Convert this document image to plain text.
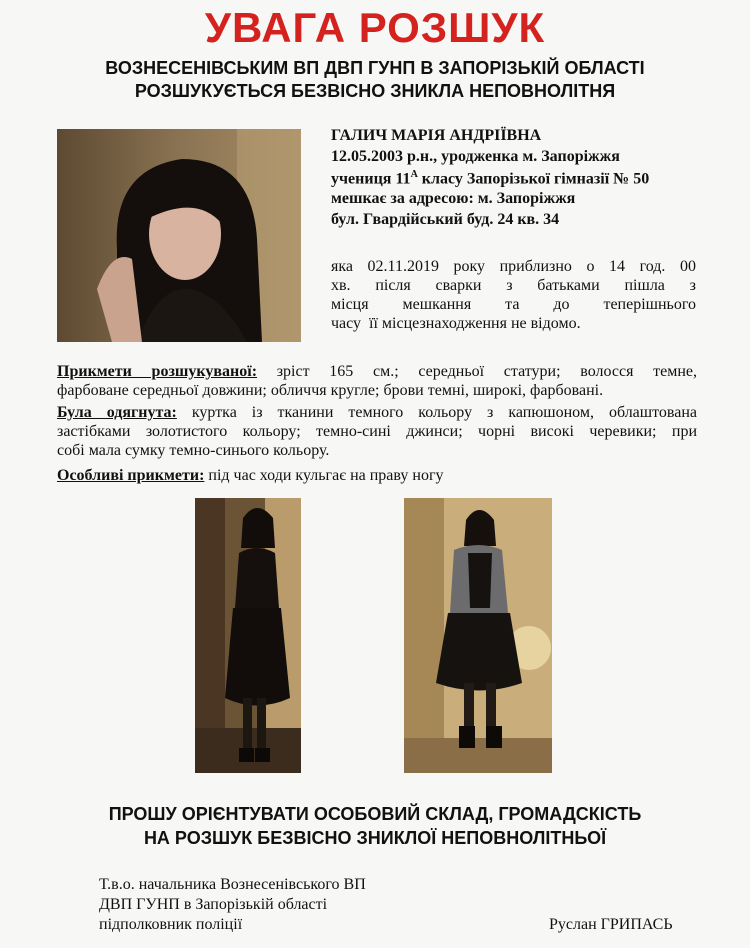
УВАГА РОЗШУК
ВОЗНЕСЕНІВСЬКИМ ВП ДВП ГУНП В ЗАПОРІЗЬКІЙ ОБЛАСТІ
РОЗШУКУЄТЬСЯ БЕЗВІСНО ЗНИКЛА НЕПОВНОЛІТНЯ
ГАЛИЧ МАРІЯ АНДРІЇВНА
12.05.2003 р.н., уродженка м. Запоріжжя
учениця $11^А$ класу Запорізької гімназії № 50
мешкає за адресою: м. Запоріжжя
бул. Гвардійський буд. 24 кв. 34
яка 02.11.2019 року приблизно о 14 год. 00
хв. після сварки з батьками пішла з
місця мешкання та до теперішнього
часу  її місцезнаходження не відомо.
Прикмети розшукуваної: зріст 165 см.; середньої статури; волосся темне,
фарбоване середньої довжини; обличчя кругле; брови темні, широкі, фарбовані.
Була одягнута: куртка із тканини темного кольору з капюшоном, облаштована
застібками золотистого кольору; темно-сині джинси; чорні високі черевики; при
собі мала сумку темно-синього кольору.
Особливі прикмети: під час ходи кульгає на праву ногу
ПРОШУ ОРІЄНТУВАТИ ОСОБОВИЙ СКЛАД, ГРОМАДСКІСТЬ
НА РОЗШУК БЕЗВІСНО ЗНИКЛОЇ НЕПОВНОЛІТНЬОЇ
Т.в.о. начальника Вознесенівського ВП
ДВП ГУНП в Запорізькій області
підполковник поліції	Руслан ГРИПАСЬ
